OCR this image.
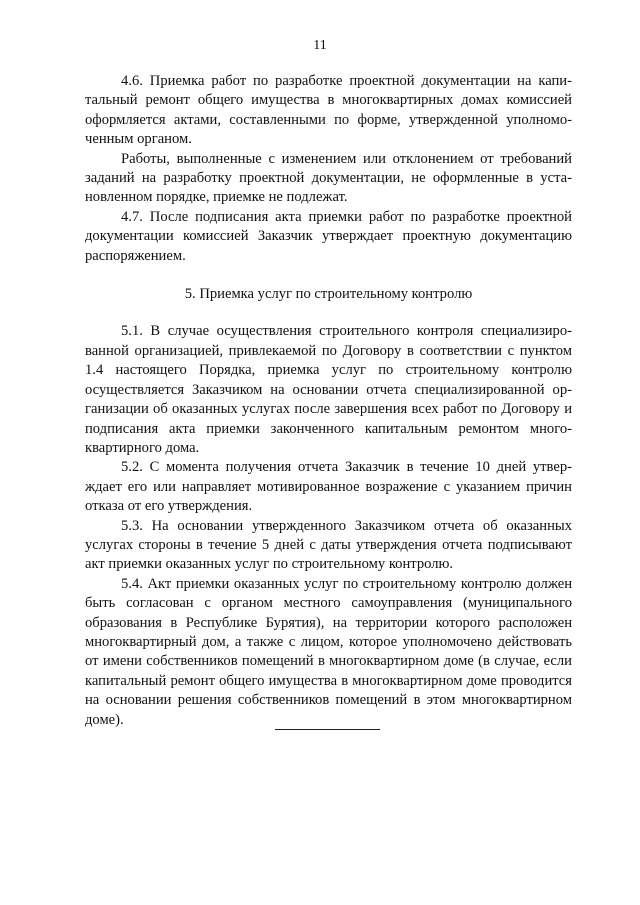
11

4.6. Приемка работ по разработке проектной документации на капитальный ремонт общего имущества в многоквартирных домах комиссией оформляется актами, составленными по форме, утвержденной уполномоченным органом.

Работы, выполненные с изменением или отклонением от требований заданий на разработку проектной документации, не оформленные в установленном порядке, приемке не подлежат.

4.7. После подписания акта приемки работ по разработке проектной документации комиссией Заказчик утверждает проектную документацию распоряжением.

5. Приемка услуг по строительному контролю

5.1. В случае осуществления строительного контроля специализированной организацией, привлекаемой по Договору в соответствии с пунктом 1.4 настоящего Порядка, приемка услуг по строительному контролю осуществляется Заказчиком на основании отчета специализированной организации об оказанных услугах после завершения всех работ по Договору и подписания акта приемки законченного капитальным ремонтом многоквартирного дома.

5.2. С момента получения отчета Заказчик в течение 10 дней утверждает его или направляет мотивированное возражение с указанием причин отказа от его утверждения.

5.3. На основании утвержденного Заказчиком отчета об оказанных услугах стороны в течение 5 дней с даты утверждения отчета подписывают акт приемки оказанных услуг по строительному контролю.

5.4. Акт приемки оказанных услуг по строительному контролю должен быть согласован с органом местного самоуправления (муниципального образования в Республике Бурятия), на территории которого расположен многоквартирный дом, а также с лицом, которое уполномочено действовать от имени собственников помещений в многоквартирном доме (в случае, если капитальный ремонт общего имущества в многоквартирном доме проводится на основании решения собственников помещений в этом многоквартирном доме).
